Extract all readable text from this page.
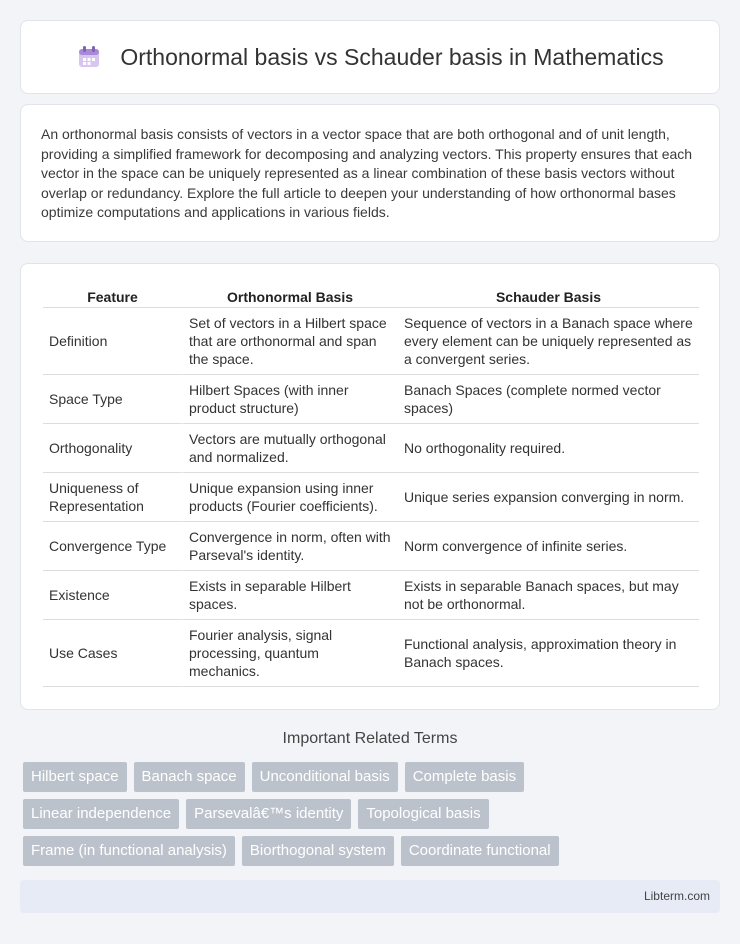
Orthonormal basis vs Schauder basis in Mathematics

An orthonormal basis consists of vectors in a vector space that are both orthogonal and of unit length, providing a simplified framework for decomposing and analyzing vectors. This property ensures that each vector in the space can be uniquely represented as a linear combination of these basis vectors without overlap or redundancy. Explore the full article to deepen your understanding of how orthonormal bases optimize computations and applications in various fields.

Feature	Orthonormal Basis	Schauder Basis
Definition	Set of vectors in a Hilbert space that are orthonormal and span the space.	Sequence of vectors in a Banach space where every element can be uniquely represented as a convergent series.
Space Type	Hilbert Spaces (with inner product structure)	Banach Spaces (complete normed vector spaces)
Orthogonality	Vectors are mutually orthogonal and normalized.	No orthogonality required.
Uniqueness of Representation	Unique expansion using inner products (Fourier coefficients).	Unique series expansion converging in norm.
Convergence Type	Convergence in norm, often with Parseval's identity.	Norm convergence of infinite series.
Existence	Exists in separable Hilbert spaces.	Exists in separable Banach spaces, but may not be orthonormal.
Use Cases	Fourier analysis, signal processing, quantum mechanics.	Functional analysis, approximation theory in Banach spaces.
Important Related Terms
Hilbert space	Banach space	Unconditional basis	Complete basis
Linear independence	Parsevalâ€™s identity	Topological basis
Frame (in functional analysis)	Biorthogonal system	Coordinate functional
Libterm.com
